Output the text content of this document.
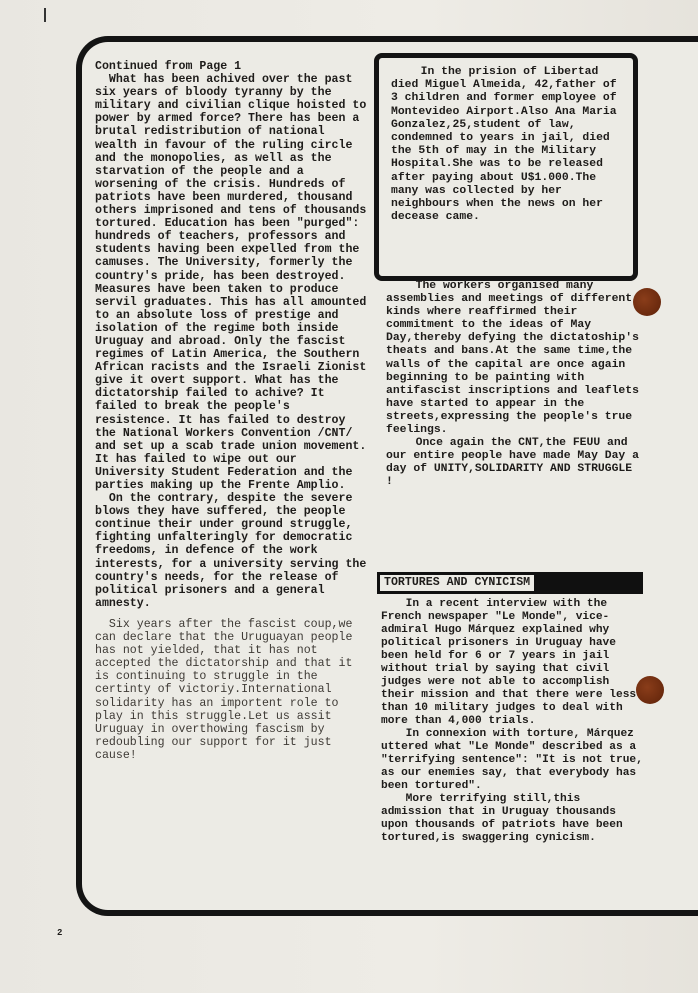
Continued from Page 1

What has been achived over the past six years of bloody tyranny by the military and civilian clique hoisted to power by armed force? There has been a brutal redistribution of national wealth in favour of the ruling circle and the monopolies, as well as the starvation of the people and a worsening of the crisis. Hundreds of patriots have been murdered, thousand others imprisoned and tens of thousands tortured. Education has been "purged": hundreds of teachers, professors and students having been expelled from the camuses. The University, formerly the country's pride, has been destroyed. Measures have been taken to produce servil graduates. This has all amounted to an absolute loss of prestige and isolation of the regime both inside Uruguay and abroad. Only the fascist regimes of Latin America, the Southern African racists and the Israeli Zionist give it overt support. What has the dictatorship failed to achive? It failed to break the people's resistence. It has failed to destroy the National Workers Convention /CNT/ and set up a scab trade union movement. It has failed to wipe out our University Student Federation and the parties making up the Frente Amplio.

On the contrary, despite the severe blows they have suffered, the people continue their under ground struggle, fighting unfalteringly for democratic freedoms, in defence of the work interests, for a university serving the country's needs, for the release of political prisoners and a general amnesty.

Six years after the fascist coup,we can declare that the Uruguayan people has not yielded, that it has not accepted the dictatorship and that it is continuing to struggle in the certinty of victoriy.International solidarity has an importent role to play in this struggle.Let us assit Uruguay in overthowing fascism by redoubling our support for it just cause!

In the prision of Libertad died Miguel Almeida, 42,father of 3 children and former employee of Montevideo Airport.Also Ana Maria Gonzalez,25,student of law, condemned to years in jail, died the 5th of may in the Military Hospital.She was to be released after paying about U$1.000.The many was collected by her neighbours when the news on her decease came.

The workers organised many assemblies and meetings of different kinds where reaffirmed their commitment to the ideas of May Day,thereby defying the dictatoship's theats and bans.At the same time,the walls of the capital are once again beginning to be painting with antifascist inscriptions and leaflets have started to appear in the streets,expressing the people's true feelings.

Once again the CNT,the FEUU and our entire people have made May Day a day of UNITY,SOLIDARITY AND STRUGGLE !

TORTURES AND CYNICISM

In a recent interview with the French newspaper "Le Monde", vice-admiral Hugo Márquez explained why political prisoners in Uruguay have been held for 6 or 7 years in jail without trial by saying that civil judges were not able to accomplish their mission and that there were less than 10 military judges to deal with more than 4,000 trials.

In connexion with torture, Márquez uttered what "Le Monde" described as a "terrifying sentence": "It is not true, as our enemies say, that everybody has been tortured".

More terrifying still,this admission that in Uruguay thousands upon thousands of patriots have been tortured,is swaggering cynicism.

2
